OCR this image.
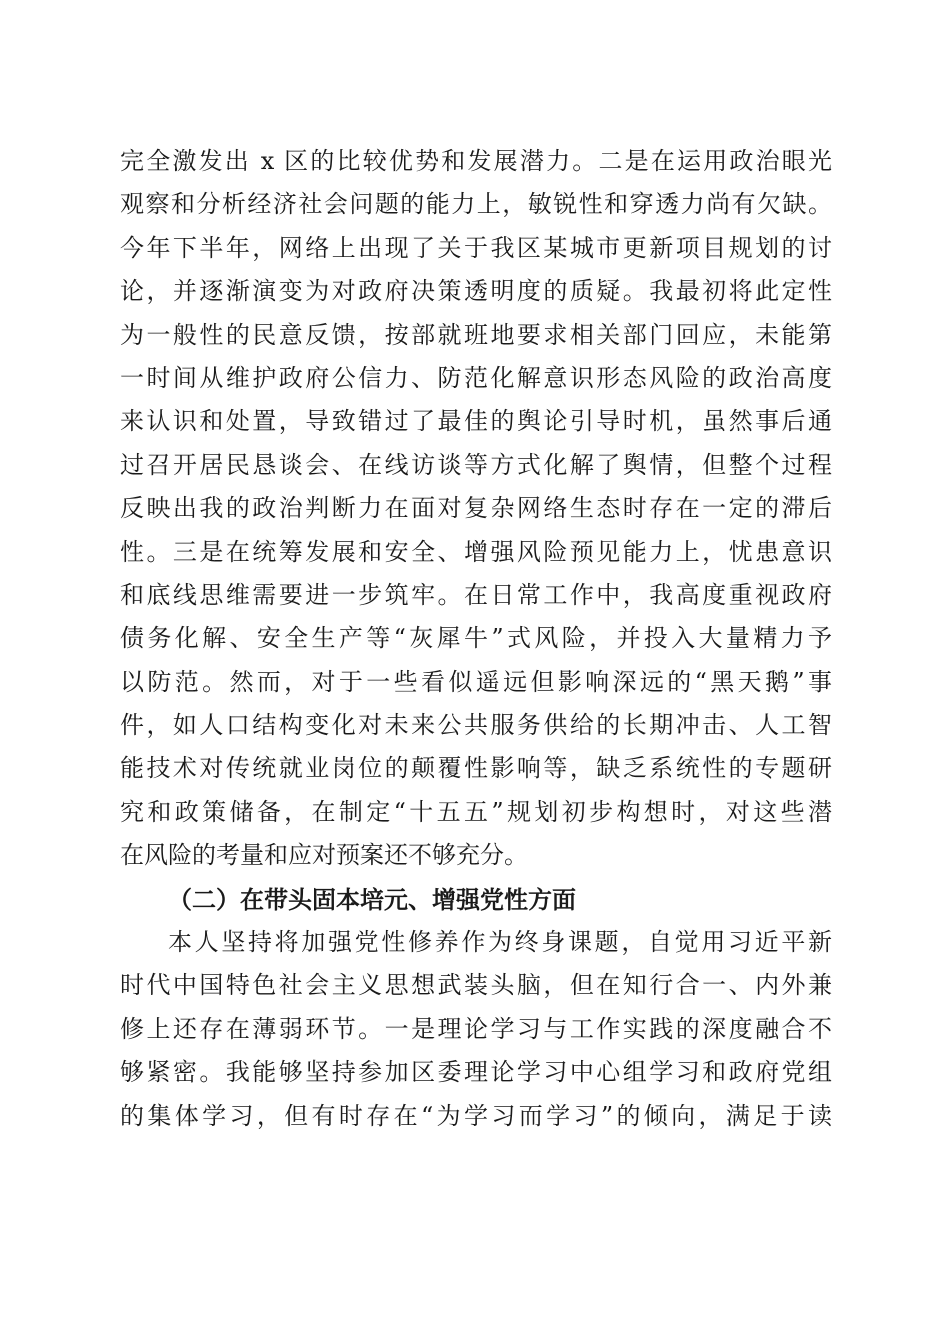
完全激发出 x 区的比较优势和发展潜力。二是在运用政治眼光
观察和分析经济社会问题的能力上，敏锐性和穿透力尚有欠缺。
今年下半年，网络上出现了关于我区某城市更新项目规划的讨
论，并逐渐演变为对政府决策透明度的质疑。我最初将此定性
为一般性的民意反馈，按部就班地要求相关部门回应，未能第
一时间从维护政府公信力、防范化解意识形态风险的政治高度
来认识和处置，导致错过了最佳的舆论引导时机，虽然事后通
过召开居民恳谈会、在线访谈等方式化解了舆情，但整个过程
反映出我的政治判断力在面对复杂网络生态时存在一定的滞后
性。三是在统筹发展和安全、增强风险预见能力上，忧患意识
和底线思维需要进一步筑牢。在日常工作中，我高度重视政府
债务化解、安全生产等“灰犀牛”式风险，并投入大量精力予
以防范。然而，对于一些看似遥远但影响深远的“黑天鹅”事
件，如人口结构变化对未来公共服务供给的长期冲击、人工智
能技术对传统就业岗位的颠覆性影响等，缺乏系统性的专题研
究和政策储备，在制定“十五五”规划初步构想时，对这些潜
在风险的考量和应对预案还不够充分。
（二）在带头固本培元、增强党性方面
本人坚持将加强党性修养作为终身课题，自觉用习近平新
时代中国特色社会主义思想武装头脑，但在知行合一、内外兼
修上还存在薄弱环节。一是理论学习与工作实践的深度融合不
够紧密。我能够坚持参加区委理论学习中心组学习和政府党组
的集体学习，但有时存在“为学习而学习”的倾向，满足于读
